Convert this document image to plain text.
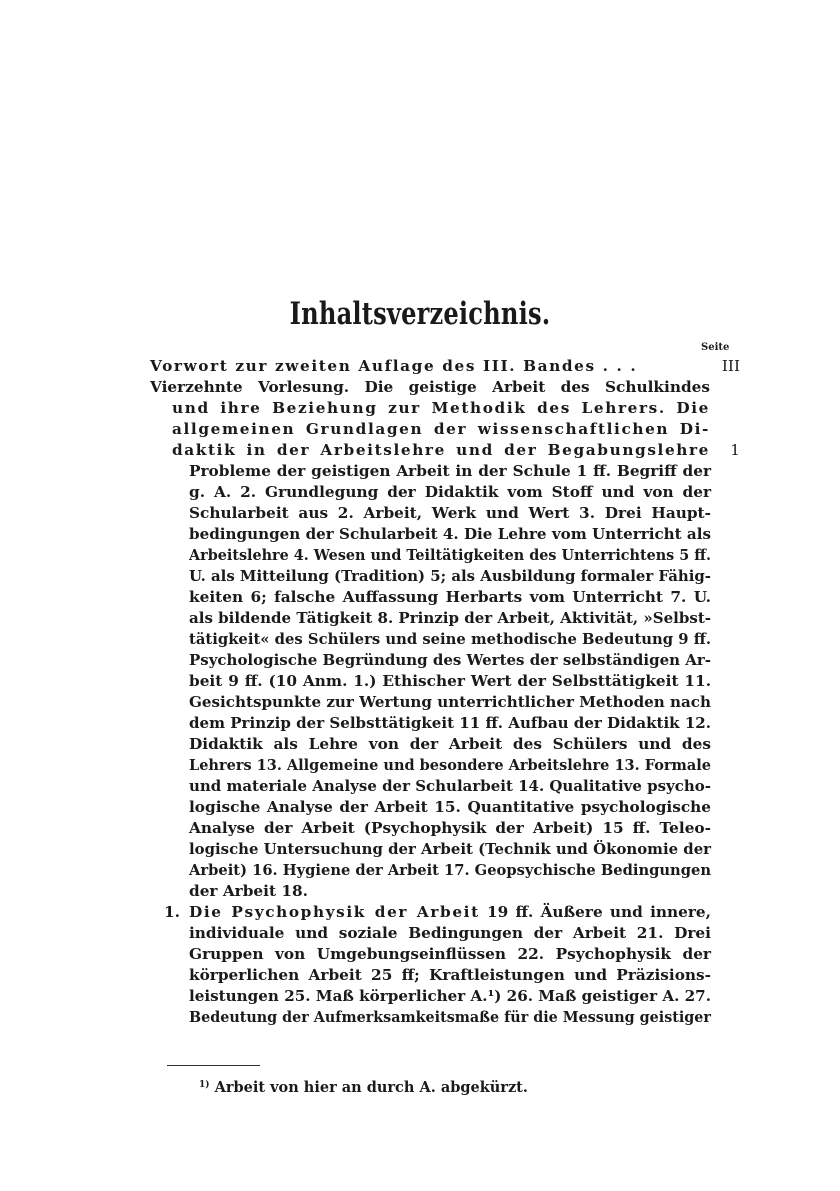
Inhaltsverzeichnis.
Seite
Vorwort zur zweiten Auflage des III. Bandes . . .	III
Vierzehnte Vorlesung. Die geistige Arbeit des Schulkindes
und ihre Beziehung zur Methodik des Lehrers. Die
allgemeinen Grundlagen der wissenschaftlichen Di-
daktik in der Arbeitslehre und der Begabungslehre 1
Probleme der geistigen Arbeit in der Schule 1 ff. Begriff der
g. A. 2. Grundlegung der Didaktik vom Stoff und von der
Schularbeit aus 2. Arbeit, Werk und Wert 3. Drei Haupt-
bedingungen der Schularbeit 4. Die Lehre vom Unterricht als
Arbeitslehre 4. Wesen und Teiltätigkeiten des Unterrichtens 5 ff.
U. als Mitteilung (Tradition) 5; als Ausbildung formaler Fähig-
keiten 6; falsche Auffassung Herbarts vom Unterricht 7. U.
als bildende Tätigkeit 8. Prinzip der Arbeit, Aktivität, »Selbst-
tätigkeit« des Schülers und seine methodische Bedeutung 9 ff.
Psychologische Begründung des Wertes der selbständigen Ar-
beit 9 ff. (10 Anm. 1.) Ethischer Wert der Selbsttätigkeit 11.
Gesichtspunkte zur Wertung unterrichtlicher Methoden nach
dem Prinzip der Selbsttätigkeit 11 ff. Aufbau der Didaktik 12.
Didaktik als Lehre von der Arbeit des Schülers und des
Lehrers 13. Allgemeine und besondere Arbeitslehre 13. Formale
und materiale Analyse der Schularbeit 14. Qualitative psycho-
logische Analyse der Arbeit 15. Quantitative psychologische
Analyse der Arbeit (Psychophysik der Arbeit) 15 ff. Teleo-
logische Untersuchung der Arbeit (Technik und Ökonomie der
Arbeit) 16. Hygiene der Arbeit 17. Geopsychische Bedingungen
der Arbeit 18.
1. Die Psychophysik der Arbeit 19 ff. Äußere und innere,
individuale und soziale Bedingungen der Arbeit 21. Drei
Gruppen von Umgebungseinflüssen 22. Psychophysik der
körperlichen Arbeit 25 ff; Kraftleistungen und Präzisions-
leistungen 25. Maß körperlicher A.¹) 26. Maß geistiger A. 27.
Bedeutung der Aufmerksamkeitsmaße für die Messung geistiger
$^{1)}$ Arbeit von hier an durch A. abgekürzt.
